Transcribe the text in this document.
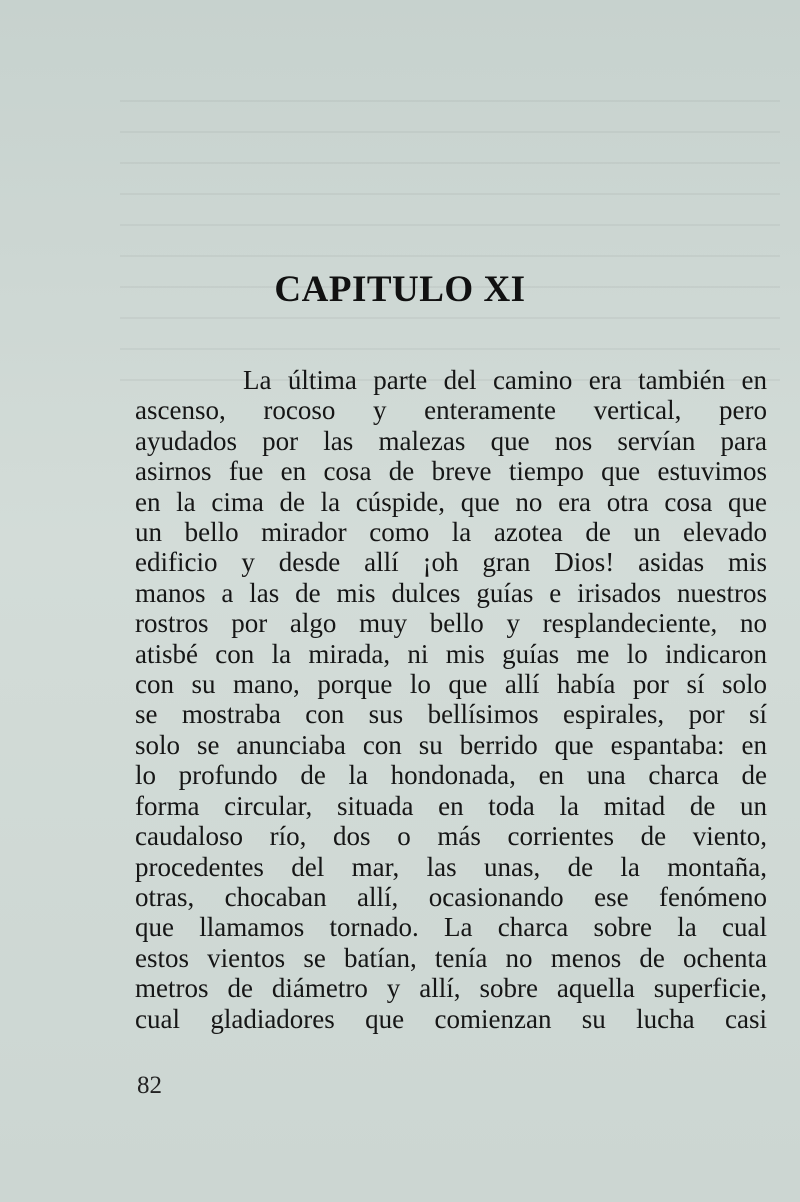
CAPITULO XI
La última parte del camino era también en
ascenso, rocoso y enteramente vertical, pero
ayudados por las malezas que nos servían para
asirnos fue en cosa de breve tiempo que estuvimos
en la cima de la cúspide, que no era otra cosa que
un bello mirador como la azotea de un elevado
edificio y desde allí ¡oh gran Dios! asidas mis
manos a las de mis dulces guías e irisados nuestros
rostros por algo muy bello y resplandeciente, no
atisbé con la mirada, ni mis guías me lo indicaron
con su mano, porque lo que allí había por sí solo
se mostraba con sus bellísimos espirales, por sí
solo se anunciaba con su berrido que espantaba: en
lo profundo de la hondonada, en una charca de
forma circular, situada en toda la mitad de un
caudaloso río, dos o más corrientes de viento,
procedentes del mar, las unas, de la montaña,
otras, chocaban allí, ocasionando ese fenómeno
que llamamos tornado. La charca sobre la cual
estos vientos se batían, tenía no menos de ochenta
metros de diámetro y allí, sobre aquella superficie,
cual gladiadores que comienzan su lucha casi
82
